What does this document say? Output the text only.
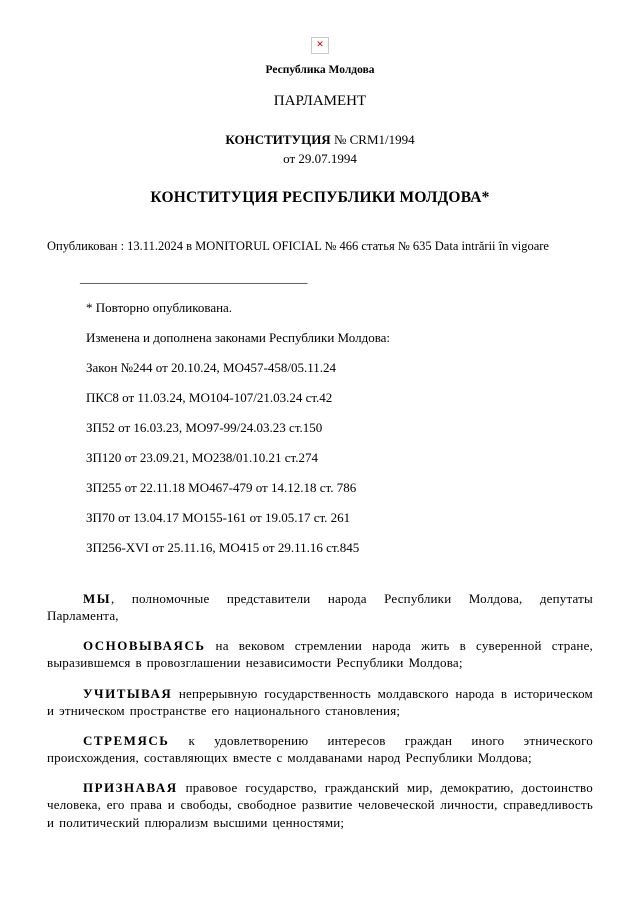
✕
Республика Молдова
ПАРЛАМЕНТ
КОНСТИТУЦИЯ № CRM1/1994
от 29.07.1994
КОНСТИТУЦИЯ РЕСПУБЛИКИ МОЛДОВА*
Опубликован : 13.11.2024 в MONITORUL OFICIAL № 466 статья № 635 Data intrării în vigoare
___________________________________
* Повторно опубликована.
Изменена и дополнена законами Республики Молдова:
Закон №244 от 20.10.24, МО457-458/05.11.24
ПКС8 от 11.03.24, МО104-107/21.03.24 ст.42
ЗП52 от 16.03.23, МО97-99/24.03.23 ст.150
ЗП120 от 23.09.21, МО238/01.10.21 ст.274
ЗП255 от 22.11.18 МО467-479 от 14.12.18 ст. 786
ЗП70 от 13.04.17 МО155-161 от 19.05.17 ст. 261
ЗП256-XVI от 25.11.16, МО415 от 29.11.16 ст.845

МЫ, полномочные представители народа Республики Молдова, депутаты Парламента,

ОСНОВЫВАЯСЬ на вековом стремлении народа жить в суверенной стране, выразившемся в провозглашении независимости Республики Молдова;

УЧИТЫВАЯ непрерывную государственность молдавского народа в историческом и этническом пространстве его национального становления;

СТРЕМЯСЬ к удовлетворению интересов граждан иного этнического происхождения, составляющих вместе с молдаванами народ Республики Молдова;

ПРИЗНАВАЯ правовое государство, гражданский мир, демократию, достоинство человека, его права и свободы, свободное развитие человеческой личности, справедливость и политический плюрализм высшими ценностями;
